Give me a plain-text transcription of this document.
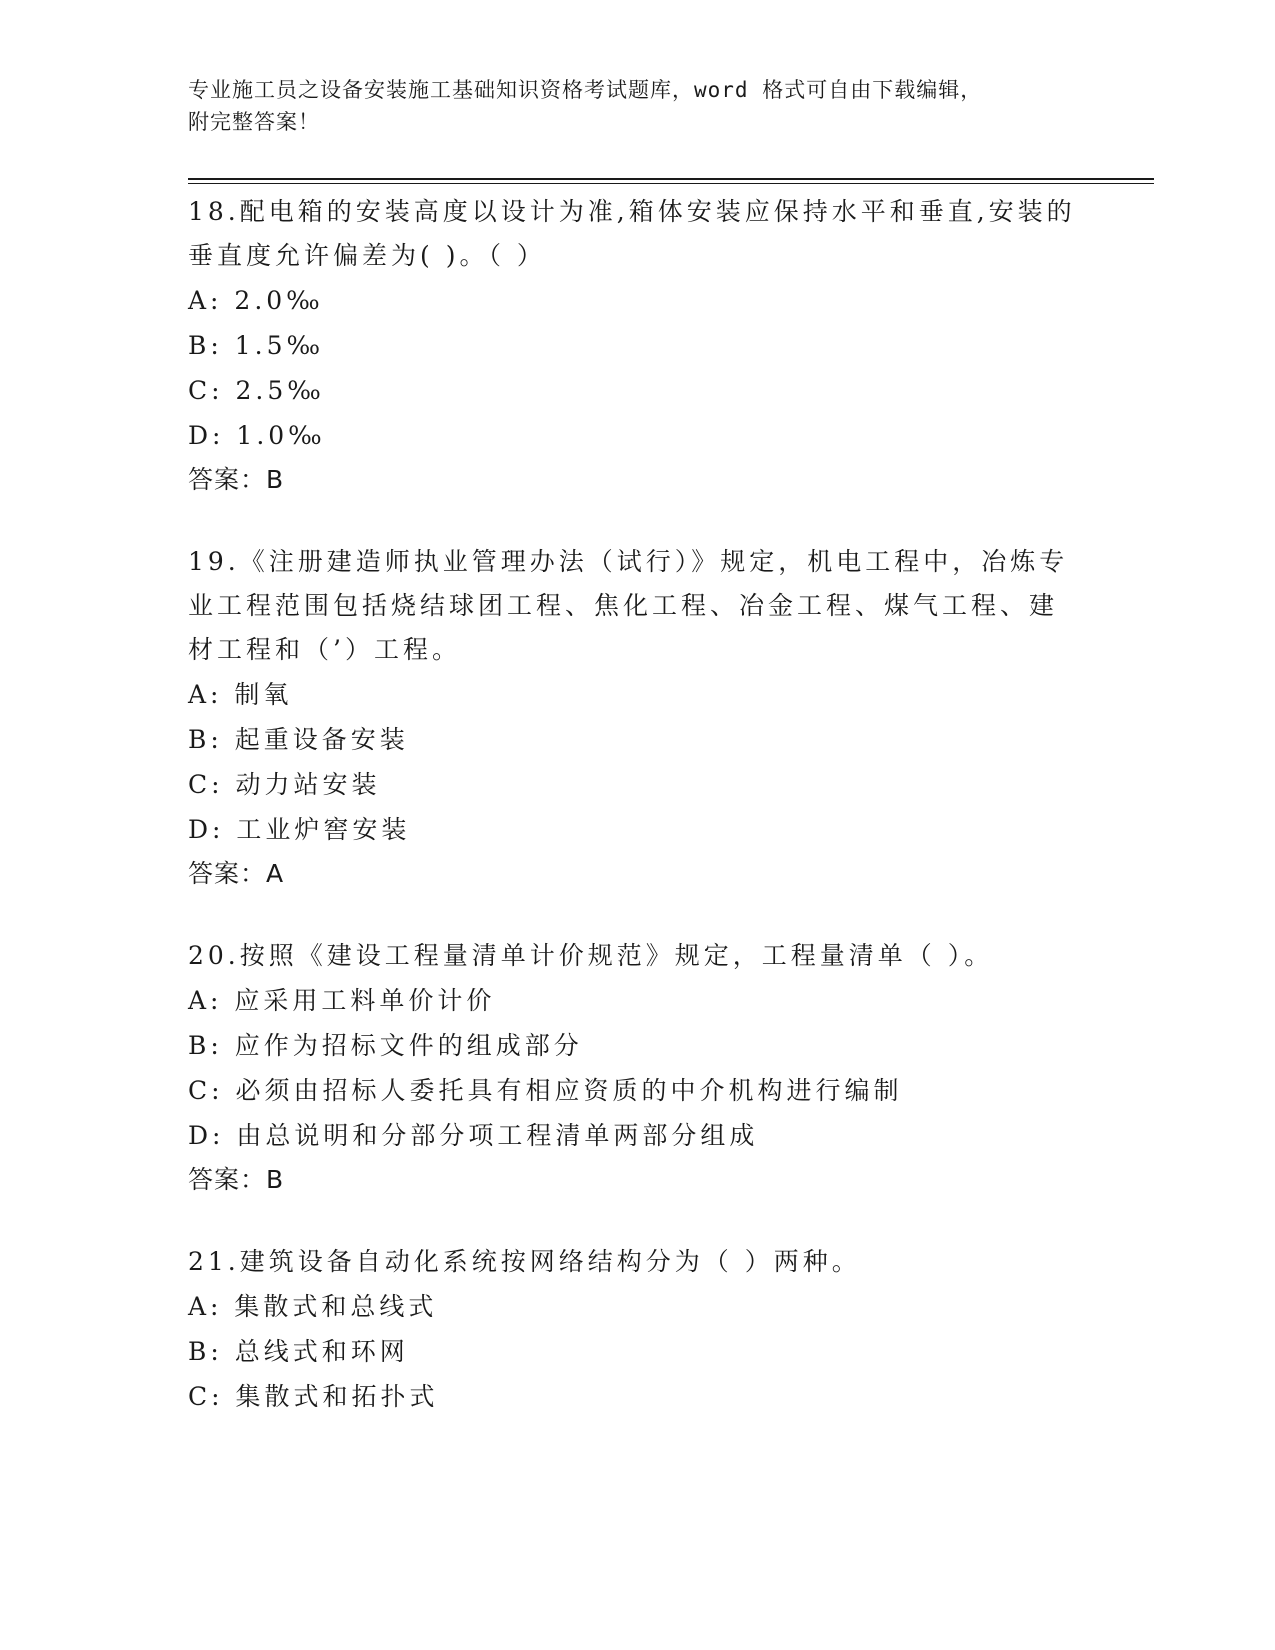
专业施工员之设备安装施工基础知识资格考试题库，word 格式可自由下载编辑，
附完整答案！
18.配电箱的安装高度以设计为准,箱体安装应保持水平和垂直,安装的
垂直度允许偏差为( )。（ ）
A: 2.0‰
B: 1.5‰
C: 2.5‰
D: 1.0‰
答案：B
19.《注册建造师执业管理办法（试行）》规定，机电工程中，冶炼专
业工程范围包括烧结球团工程、焦化工程、冶金工程、煤气工程、建
材工程和（’）工程。
A: 制氧
B: 起重设备安装
C: 动力站安装
D: 工业炉窖安装
答案：A
20.按照《建设工程量清单计价规范》规定，工程量清单（ ）。
A: 应采用工料单价计价
B: 应作为招标文件的组成部分
C: 必须由招标人委托具有相应资质的中介机构进行编制
D: 由总说明和分部分项工程清单两部分组成
答案：B
21.建筑设备自动化系统按网络结构分为（ ）两种。
A: 集散式和总线式
B: 总线式和环网
C: 集散式和拓扑式
